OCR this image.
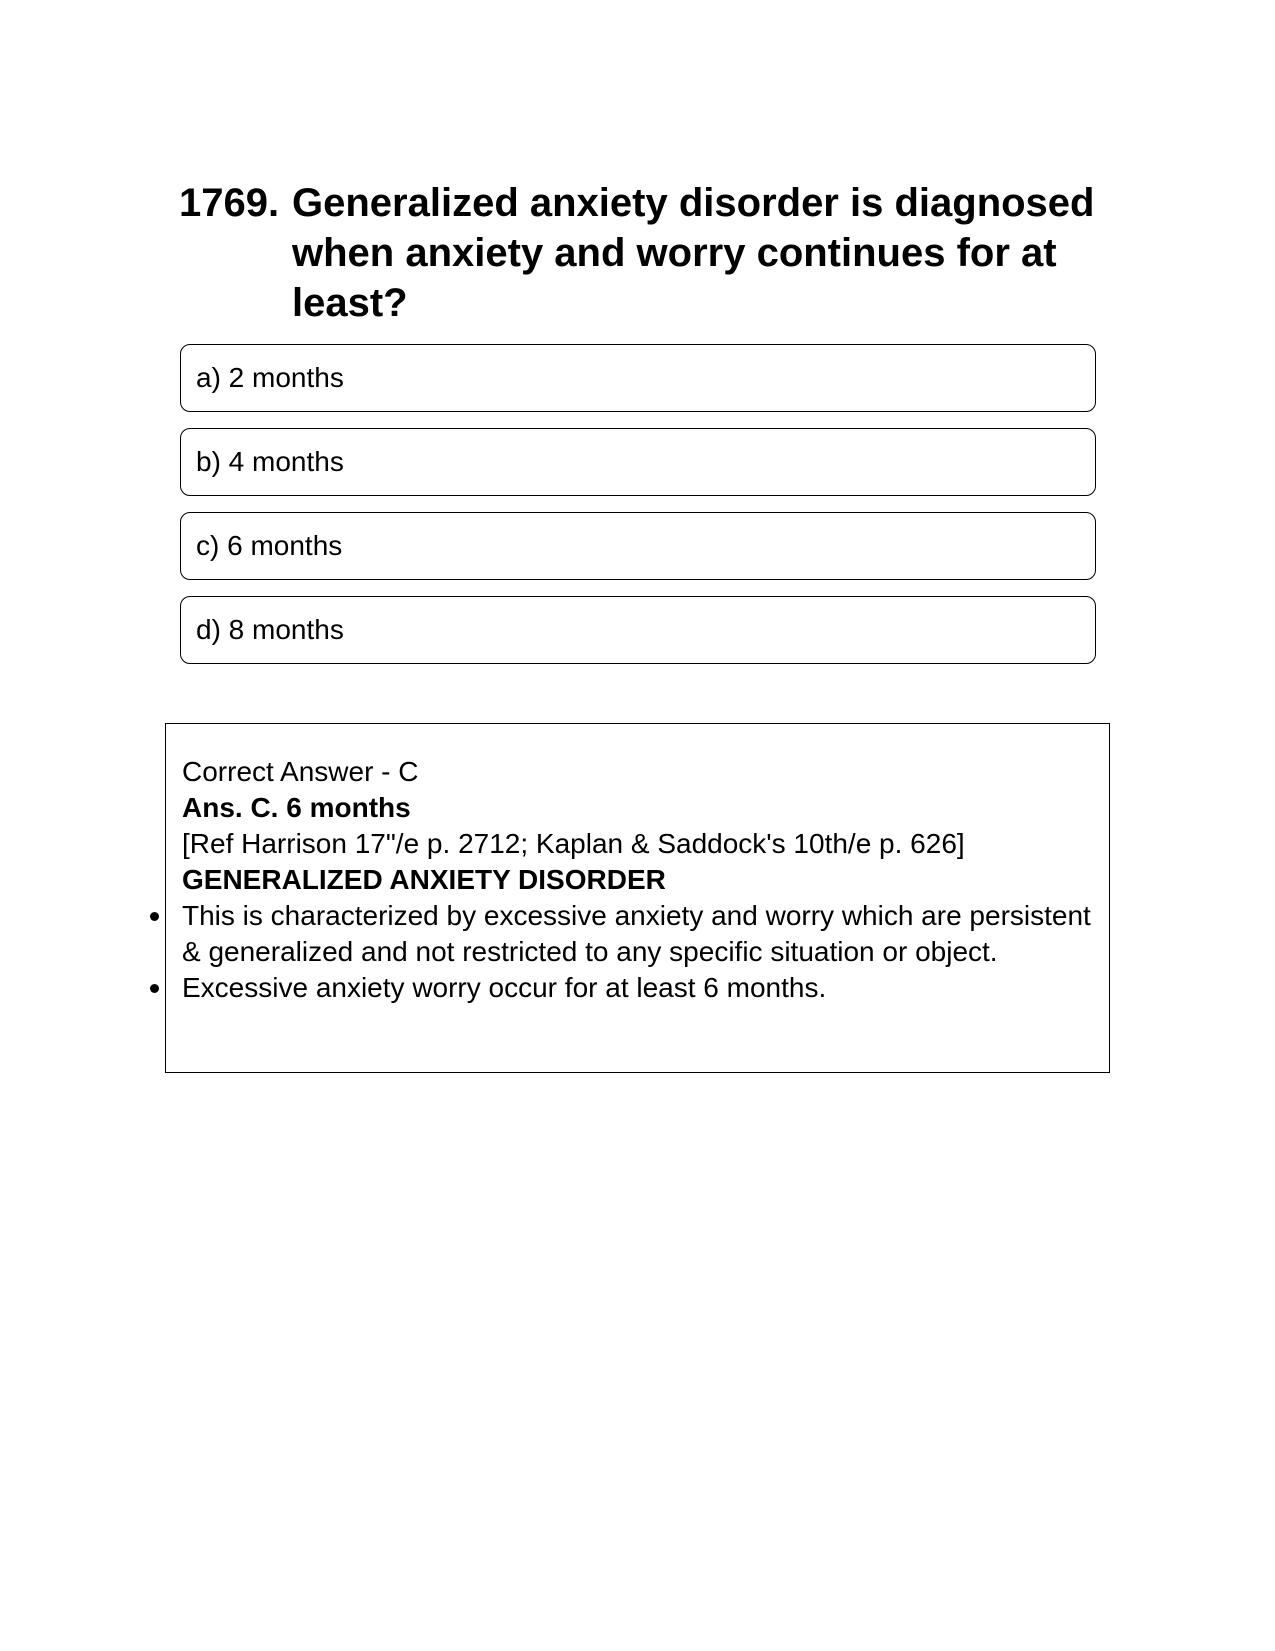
1769. Generalized anxiety disorder is diagnosed when anxiety and worry continues for at least?
a) 2 months
b) 4 months
c) 6 months
d) 8 months
Correct Answer - C
Ans. C. 6 months
[Ref Harrison 17"/e p. 2712; Kaplan & Saddock's 10th/e p. 626]
GENERALIZED ANXIETY DISORDER
This is characterized by excessive anxiety and worry which are persistent & generalized and not restricted to any specific situation or object.
Excessive anxiety worry occur for at least 6 months.
